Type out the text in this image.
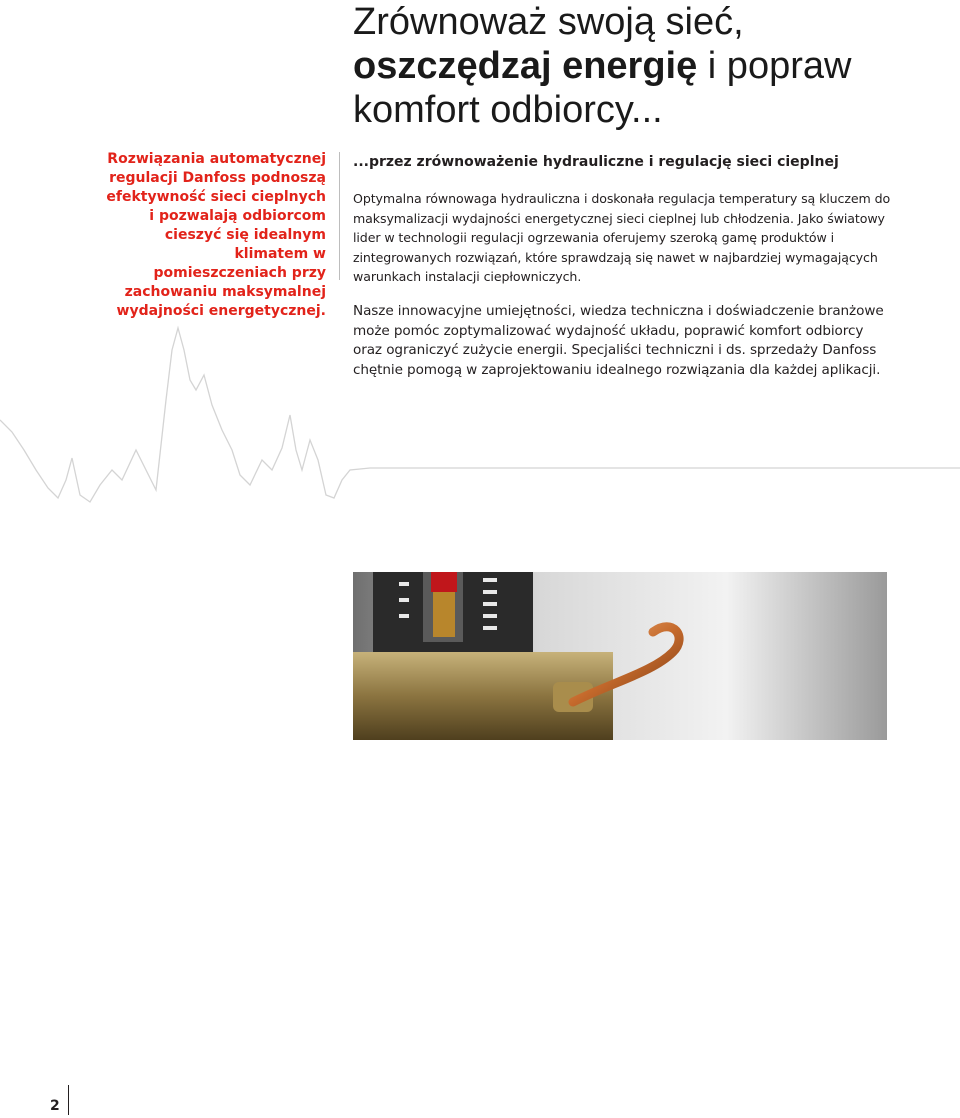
Zrównoważ swoją sieć,
oszczędzaj energię i popraw
komfort odbiorcy...

Rozwiązania automatycznej regulacji Danfoss podnoszą efektywność sieci cieplnych i pozwalają odbiorcom cieszyć się idealnym klimatem w pomieszczeniach przy zachowaniu maksymalnej wydajności energetycznej.

...przez zrównoważenie hydrauliczne i regulację sieci cieplnej

Optymalna równowaga hydrauliczna i doskonała regulacja temperatury są kluczem do maksymalizacji wydajności energetycznej sieci cieplnej lub chłodzenia. Jako światowy lider w technologii regulacji ogrzewania oferujemy szeroką gamę produktów i zintegrowanych rozwiązań, które sprawdzają się nawet w najbardziej wymagających warunkach instalacji ciepłowniczych.

Nasze innowacyjne umiejętności, wiedza techniczna i doświadczenie branżowe może pomóc zoptymalizować wydajność układu, poprawić komfort odbiorcy oraz ograniczyć zużycie energii. Specjaliści techniczni i ds. sprzedaży Danfoss chętnie pomogą w zaprojektowaniu idealnego rozwiązania dla każdej aplikacji.

2
